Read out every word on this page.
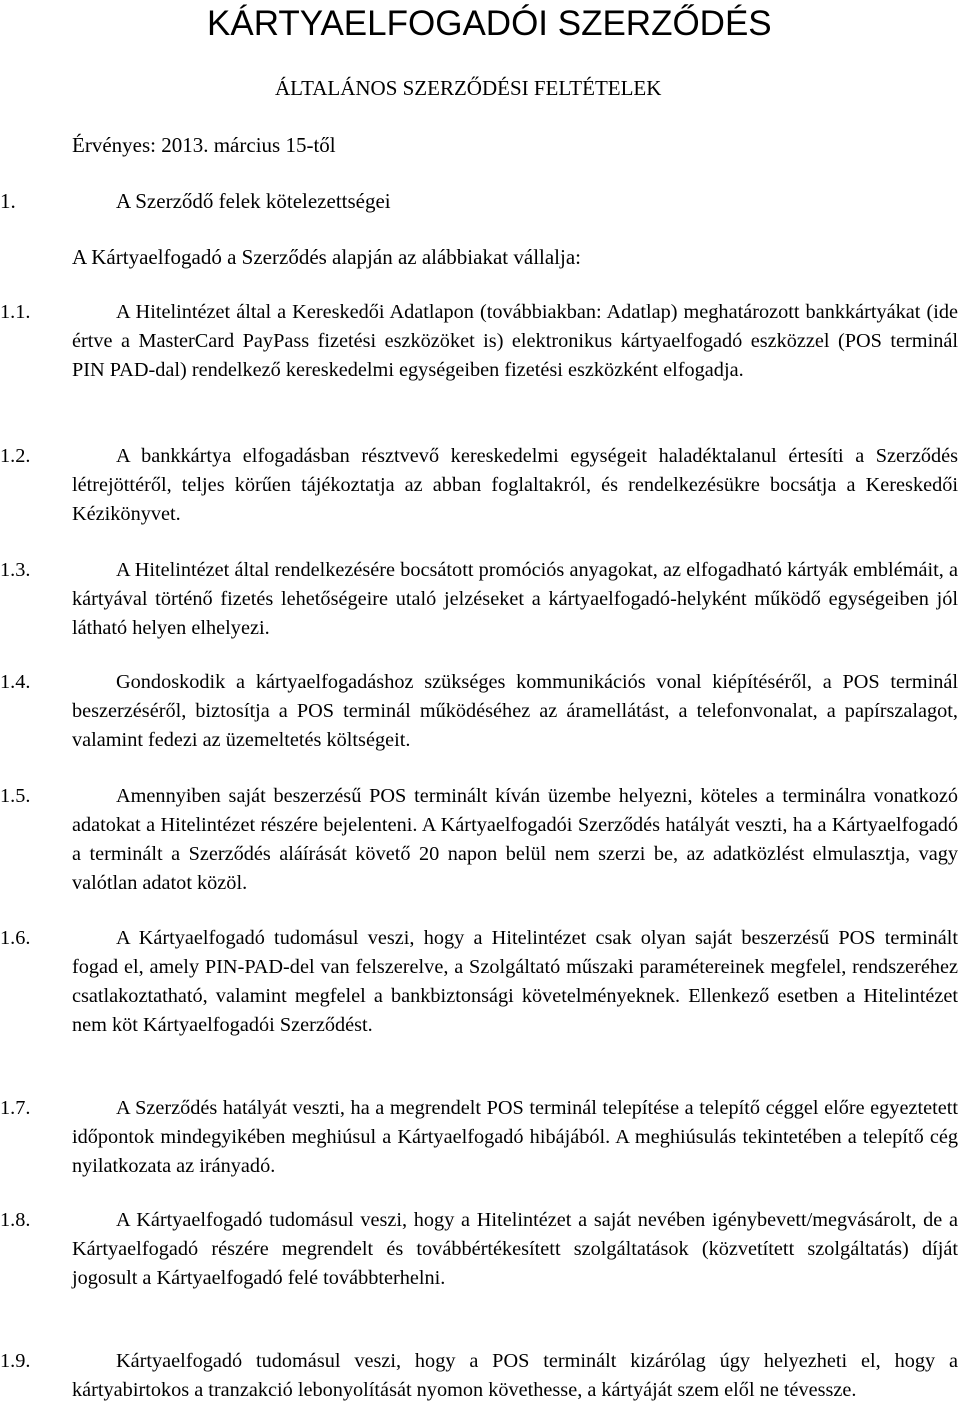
KÁRTYAELFOGADÓI SZERZŐDÉS
ÁLTALÁNOS SZERZŐDÉSI FELTÉTELEK
Érvényes: 2013. március 15-től
1.	A Szerződő felek kötelezettségei
A Kártyaelfogadó a Szerződés alapján az alábbiakat vállalja:
1.1.	A Hitelintézet által a Kereskedői Adatlapon (továbbiakban: Adatlap) meghatározott bankkártyákat (ide értve a MasterCard PayPass fizetési eszközöket is) elektronikus kártyaelfogadó eszközzel (POS terminál PIN PAD-dal) rendelkező kereskedelmi egységeiben fizetési eszközként elfogadja.
1.2.	A bankkártya elfogadásban résztvevő kereskedelmi egységeit haladéktalanul értesíti a Szerződés létrejöttéről, teljes körűen tájékoztatja az abban foglaltakról, és rendelkezésükre bocsátja a Kereskedői Kézikönyvet.
1.3.	A Hitelintézet által rendelkezésére bocsátott promóciós anyagokat, az elfogadható kártyák emblémáit, a kártyával történő fizetés lehetőségeire utaló jelzéseket a kártyaelfogadó-helyként működő egységeiben jól látható helyen elhelyezi.
1.4.	Gondoskodik a kártyaelfogadáshoz szükséges kommunikációs vonal kiépítéséről, a POS terminál beszerzéséről, biztosítja a POS terminál működéséhez az áramellátást, a telefonvonalat, a papírszalagot, valamint fedezi az üzemeltetés költségeit.
1.5.	Amennyiben saját beszerzésű POS terminált kíván üzembe helyezni, köteles a terminálra vonatkozó adatokat a Hitelintézet részére bejelenteni. A Kártyaelfogadói Szerződés hatályát veszti, ha a Kártyaelfogadó a terminált a Szerződés aláírását követő 20 napon belül nem szerzi be, az adatközlést elmulasztja, vagy valótlan adatot közöl.
1.6.	A Kártyaelfogadó tudomásul veszi, hogy a Hitelintézet csak olyan saját beszerzésű POS terminált fogad el, amely PIN-PAD-del van felszerelve, a Szolgáltató műszaki paramétereinek megfelel, rendszeréhez csatlakoztatható, valamint megfelel a bankbiztonsági követelményeknek. Ellenkező esetben a Hitelintézet nem köt Kártyaelfogadói Szerződést.
1.7.	A Szerződés hatályát veszti, ha a megrendelt POS terminál telepítése a telepítő céggel előre egyeztetett időpontok mindegyikében meghiúsul a Kártyaelfogadó hibájából. A meghiúsulás tekintetében a telepítő cég nyilatkozata az irányadó.
1.8.	A Kártyaelfogadó tudomásul veszi, hogy a Hitelintézet a saját nevében igénybevett/megvásárolt, de a Kártyaelfogadó részére megrendelt és továbbértékesített szolgáltatások (közvetített szolgáltatás) díját jogosult a Kártyaelfogadó felé továbbterhelni.
1.9.	Kártyaelfogadó tudomásul veszi, hogy a POS terminált kizárólag úgy helyezheti el, hogy a kártyabirtokos a tranzakció lebonyolítását nyomon követhesse, a kártyáját szem elől ne tévessze.
